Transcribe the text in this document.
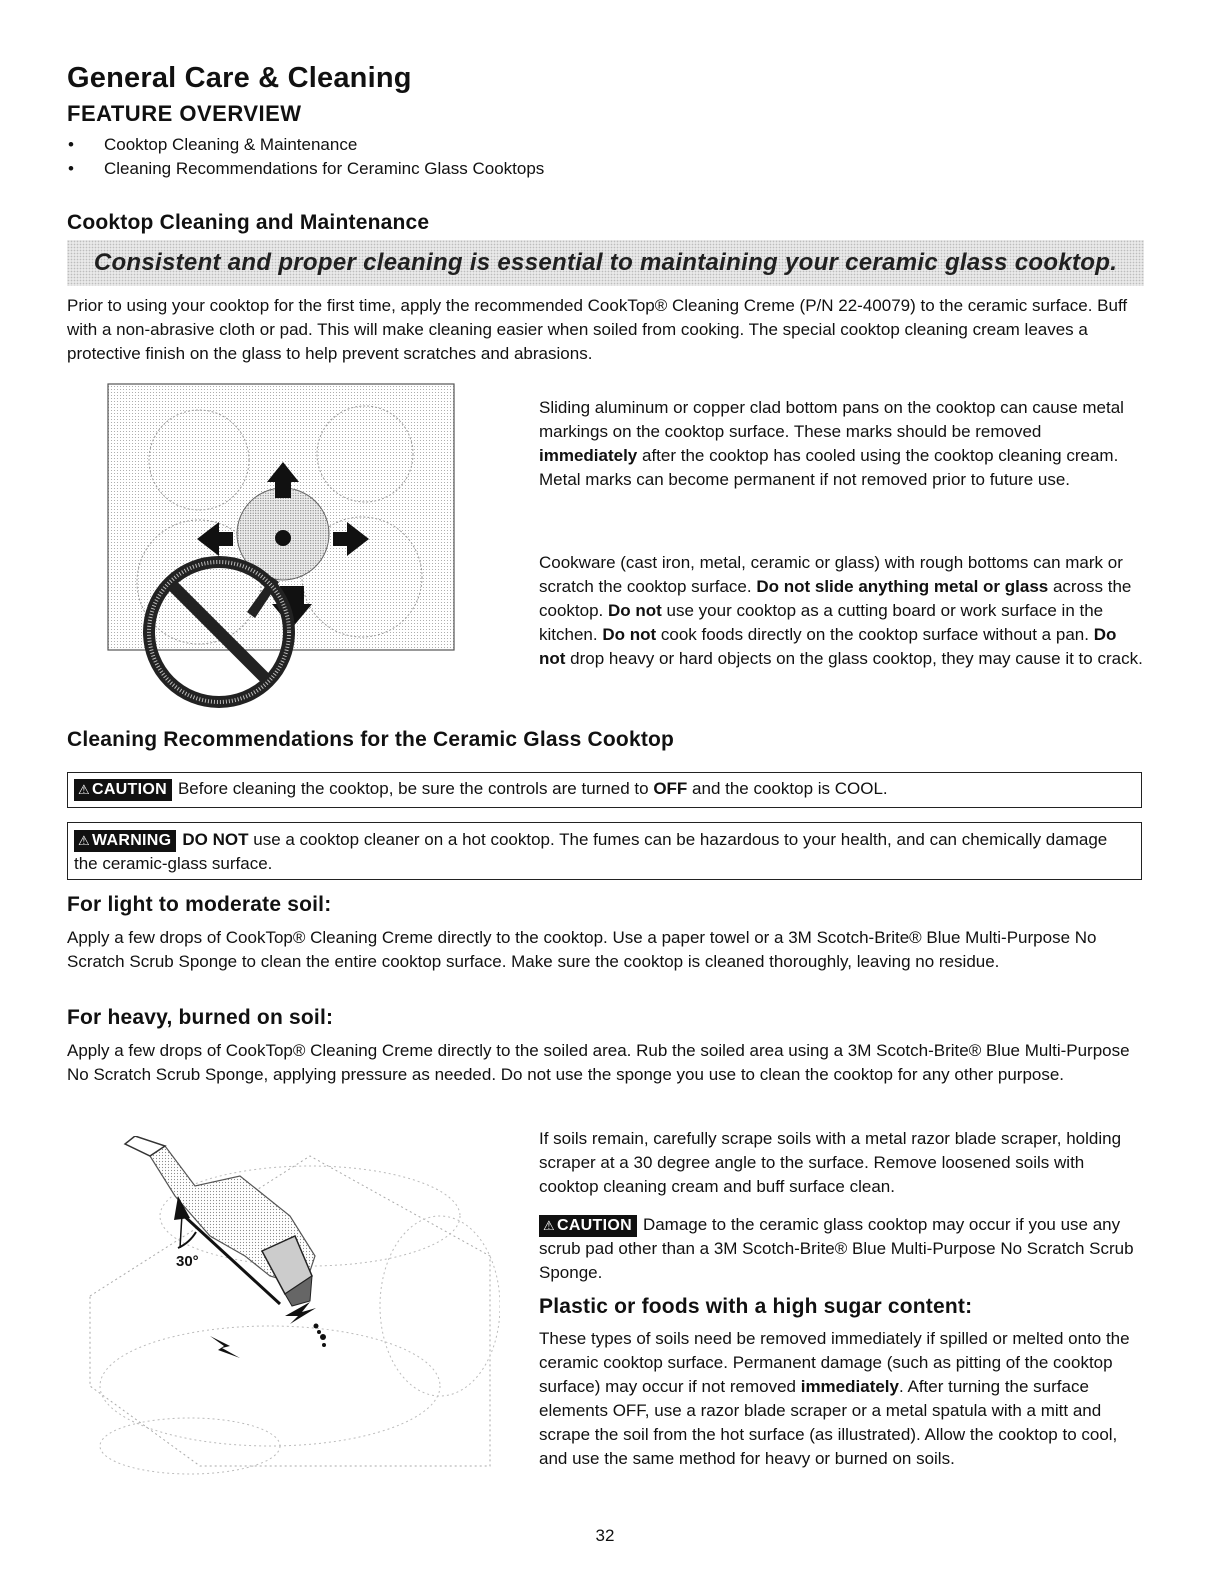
General Care & Cleaning
FEATURE OVERVIEW
• Cooktop Cleaning & Maintenance
• Cleaning Recommendations for Ceraminc Glass Cooktops
Cooktop Cleaning and Maintenance
Consistent and proper cleaning is essential to maintaining your ceramic glass cooktop.
Prior to using your cooktop for the first time, apply the recommended CookTop® Cleaning Creme (P/N 22-40079) to the ceramic surface. Buff with a non-abrasive cloth or pad. This will make cleaning easier when soiled from cooking. The special cooktop cleaning cream leaves a protective finish on the glass to help prevent scratches and abrasions.
Sliding aluminum or copper clad bottom pans on the cooktop can cause metal markings on the cooktop surface. These marks should be removed immediately after the cooktop has cooled using the cooktop cleaning cream. Metal marks can become permanent if not removed prior to future use.
Cookware (cast iron, metal, ceramic or glass) with rough bottoms can mark or scratch the cooktop surface. Do not slide anything metal or glass across the cooktop. Do not use your cooktop as a cutting board or work surface in the kitchen. Do not cook foods directly on the cooktop surface without a pan. Do not drop heavy or hard objects on the glass cooktop, they may cause it to crack.
Cleaning Recommendations for the Ceramic Glass Cooktop
⚠ CAUTION Before cleaning the cooktop, be sure the controls are turned to OFF and the cooktop is COOL.
⚠ WARNING DO NOT use a cooktop cleaner on a hot cooktop. The fumes can be hazardous to your health, and can chemically damage the ceramic-glass surface.
For light to moderate soil:
Apply a few drops of CookTop® Cleaning Creme directly to the cooktop. Use a paper towel or a 3M Scotch-Brite® Blue Multi-Purpose No Scratch Scrub Sponge to clean the entire cooktop surface. Make sure the cooktop is cleaned thoroughly, leaving no residue.
For heavy, burned on soil:
Apply a few drops of CookTop® Cleaning Creme directly to the soiled area. Rub the soiled area using a 3M Scotch-Brite® Blue Multi-Purpose No Scratch Scrub Sponge, applying pressure as needed. Do not use the sponge you use to clean the cooktop for any other purpose.
30°
If soils remain, carefully scrape soils with a metal razor blade scraper, holding scraper at a 30 degree angle to the surface. Remove loosened soils with cooktop cleaning cream and buff surface clean.
⚠ CAUTION Damage to the ceramic glass cooktop may occur if you use any scrub pad other than a 3M Scotch-Brite® Blue Multi-Purpose No Scratch Scrub Sponge.
Plastic or foods with a high sugar content:
These types of soils need be removed immediately if spilled or melted onto the ceramic cooktop surface. Permanent damage (such as pitting of the cooktop surface) may occur if not removed immediately. After turning the surface elements OFF, use a razor blade scraper or a metal spatula with a mitt and scrape the soil from the hot surface (as illustrated). Allow the cooktop to cool, and use the same method for heavy or burned on soils.
32
